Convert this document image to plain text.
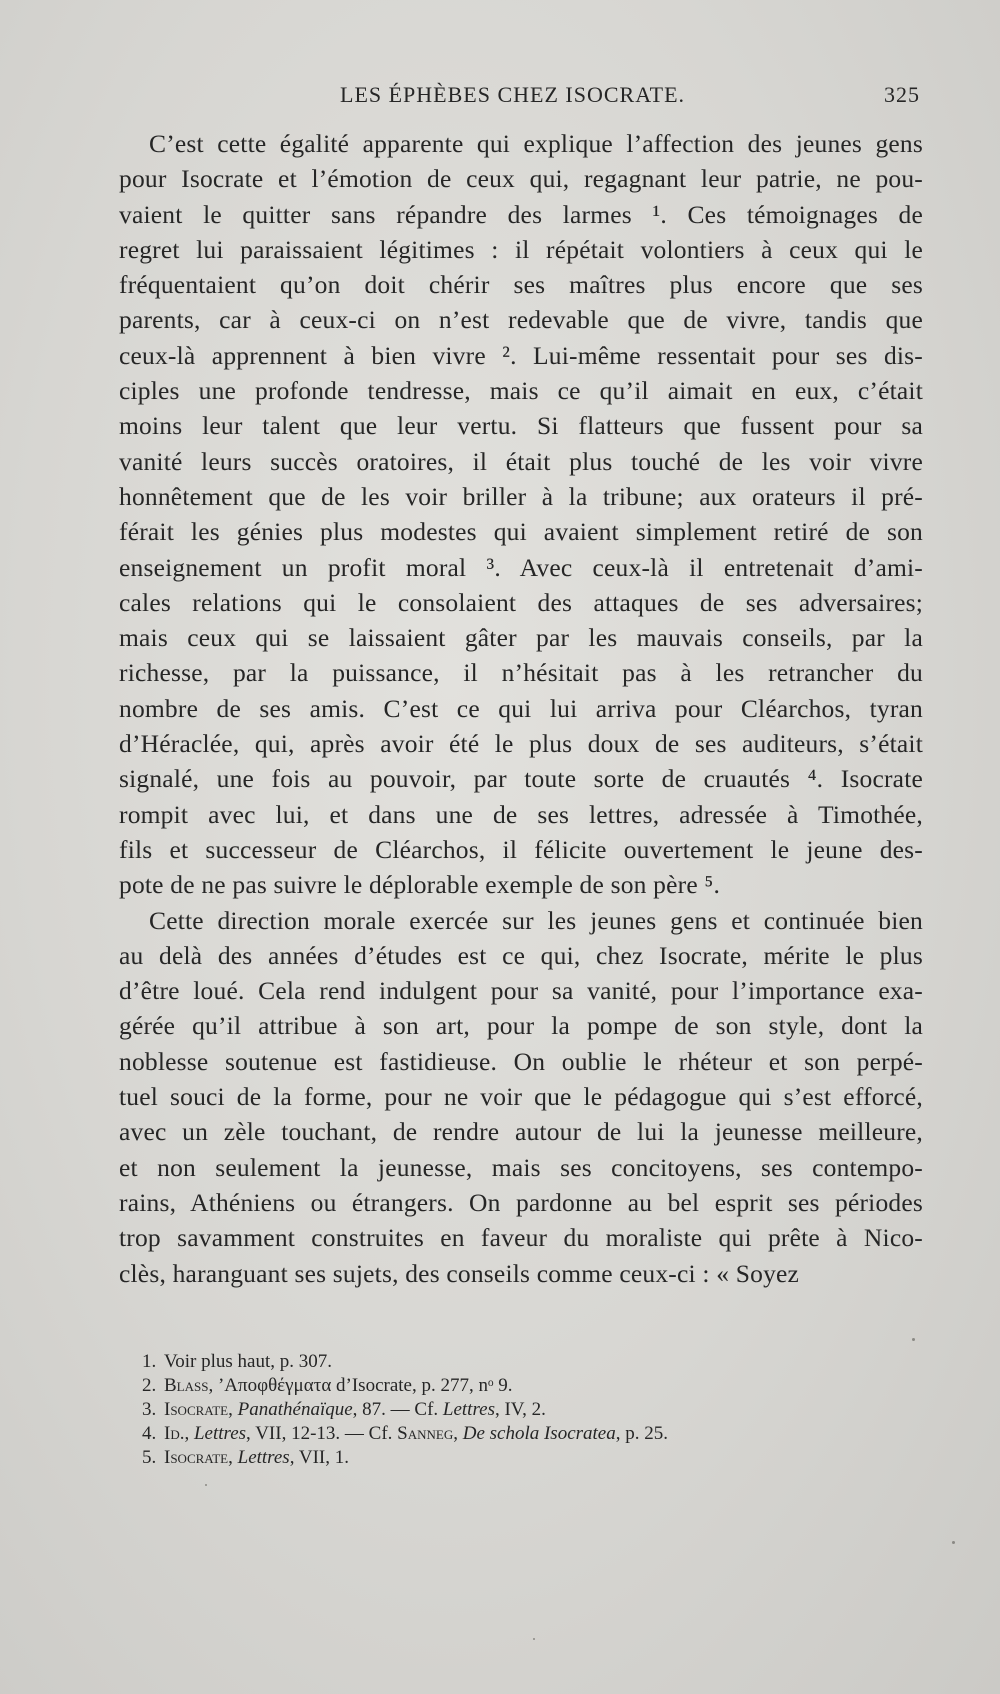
LES ÉPHÈBES CHEZ ISOCRATE.	325
C’est cette égalité apparente qui explique l’affection des jeunes gens
pour Isocrate et l’émotion de ceux qui, regagnant leur patrie, ne pou-
vaient le quitter sans répandre des larmes ¹. Ces témoignages de
regret lui paraissaient légitimes : il répétait volontiers à ceux qui le
fréquentaient qu’on doit chérir ses maîtres plus encore que ses
parents, car à ceux-ci on n’est redevable que de vivre, tandis que
ceux-là apprennent à bien vivre ². Lui-même ressentait pour ses dis-
ciples une profonde tendresse, mais ce qu’il aimait en eux, c’était
moins leur talent que leur vertu. Si flatteurs que fussent pour sa
vanité leurs succès oratoires, il était plus touché de les voir vivre
honnêtement que de les voir briller à la tribune; aux orateurs il pré-
férait les génies plus modestes qui avaient simplement retiré de son
enseignement un profit moral ³. Avec ceux-là il entretenait d’ami-
cales relations qui le consolaient des attaques de ses adversaires;
mais ceux qui se laissaient gâter par les mauvais conseils, par la
richesse, par la puissance, il n’hésitait pas à les retrancher du
nombre de ses amis. C’est ce qui lui arriva pour Cléarchos, tyran
d’Héraclée, qui, après avoir été le plus doux de ses auditeurs, s’était
signalé, une fois au pouvoir, par toute sorte de cruautés ⁴. Isocrate
rompit avec lui, et dans une de ses lettres, adressée à Timothée,
fils et successeur de Cléarchos, il félicite ouvertement le jeune des-
pote de ne pas suivre le déplorable exemple de son père ⁵.
Cette direction morale exercée sur les jeunes gens et continuée bien
au delà des années d’études est ce qui, chez Isocrate, mérite le plus
d’être loué. Cela rend indulgent pour sa vanité, pour l’importance exa-
gérée qu’il attribue à son art, pour la pompe de son style, dont la
noblesse soutenue est fastidieuse. On oublie le rhéteur et son perpé-
tuel souci de la forme, pour ne voir que le pédagogue qui s’est efforcé,
avec un zèle touchant, de rendre autour de lui la jeunesse meilleure,
et non seulement la jeunesse, mais ses concitoyens, ses contempo-
rains, Athéniens ou étrangers. On pardonne au bel esprit ses périodes
trop savamment construites en faveur du moraliste qui prête à Nico-
clès, haranguant ses sujets, des conseils comme ceux-ci : « Soyez
1. Voir plus haut, p. 307.
2. Blass, ’Αποφθέγματα d’Isocrate, p. 277, nᵒ 9.
3. Isocrate, Panathénaïque, 87. — Cf. Lettres, IV, 2.
4. Id., Lettres, VII, 12-13. — Cf. Sanneg, De schola Isocratea, p. 25.
5. Isocrate, Lettres, VII, 1.
